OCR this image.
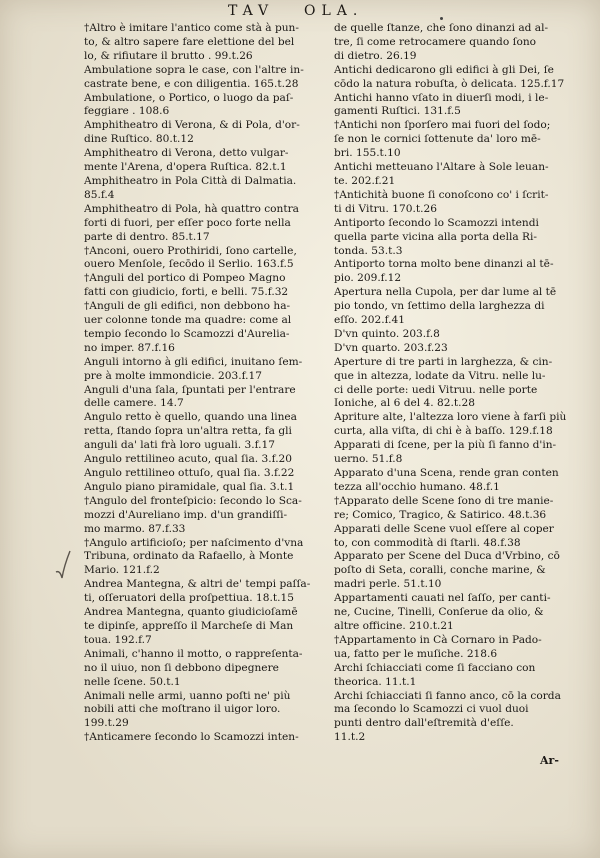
TAV OLA.
†Altro è imitare l'antico come stà à pun-
to, & altro sapere fare elettione del bel
lo, & rifiutare il brutto . 99.t.26
Ambulatione sopra le case, con l'altre in-
castrate bene, e con diligentia. 165.t.28
Ambulatione, o Portico, o luogo da paſ-
feggiare . 108.6
Amphitheatro di Verona, & di Pola, d'or-
dine Ruſtico. 80.t.12
Amphitheatro di Verona, detto vulgar-
mente l'Arena, d'opera Ruſtica. 82.t.1
Amphitheatro in Pola Città di Dalmatia.
85.f.4
Amphitheatro di Pola, hà quattro contra
forti di fuori, per eſſer poco forte nella
parte di dentro. 85.t.17
†Anconi, ouero Prothiridi, ſono cartelle,
ouero Menſole, ſecōdo il Serlio. 163.f.5
†Anguli del portico di Pompeo Magno
fatti con giudicio, forti, e belli. 75.f.32
†Anguli de gli edifici, non debbono ha-
uer colonne tonde ma quadre: come al
tempio ſecondo lo Scamozzi d'Aurelia-
no imper. 87.f.16
Anguli intorno à gli edifici, inuitano ſem-
pre à molte immondicie. 203.f.17
Anguli d'una ſala, ſpuntati per l'entrare
delle camere. 14.7
Angulo retto è quello, quando una linea
retta, ſtando ſopra un'altra retta, fa gli
anguli da' lati frà loro uguali. 3.f.17
Angulo rettilineo acuto, qual ſia. 3.f.20
Angulo rettilineo ottuſo, qual ſia. 3.f.22
Angulo piano piramidale, qual ſia. 3.t.1
†Angulo del fronteſpicio: ſecondo lo Sca-
mozzi d'Aureliano imp. d'un grandiſſi-
mo marmo. 87.f.33
†Angulo artificioſo; per naſcimento d'vna
Tribuna, ordinato da Rafaello, à Monte
Mario. 121.f.2
Andrea Mantegna, & altri de' tempi paſſa-
ti, oſſeruatori della proſpettiua. 18.t.15
Andrea Mantegna, quanto giudicioſamē
te dipinſe, appreſſo il Marcheſe di Man
toua. 192.f.7
Animali, c'hanno il motto, o rappreſenta-
no il uiuo, non ſi debbono dipegnere
nelle ſcene. 50.t.1
Animali nelle armi, uanno poſti ne' più
nobili atti che moſtrano il uigor loro.
199.t.29
†Anticamere ſecondo lo Scamozzi inten-
de quelle ſtanze, che ſono dinanzi ad al-
tre, ſi come retrocamere quando ſono
di dietro. 26.19
Antichi dedicarono gli edifici à gli Dei, ſe
cōdo la natura robuſta, ò delicata. 125.f.17
Antichi hanno vſato in diuerſi modi, i le-
gamenti Ruſtici. 131.f.5
†Antichi non ſporſero mai fuori del ſodo;
ſe non le cornici ſottenute da' loro mē-
bri. 155.t.10
Antichi metteuano l'Altare à Sole leuan-
te. 202.f.21
†Antichità buone ſi conoſcono co' i ſcrit-
ti di Vitru. 170.t.26
Antiporto ſecondo lo Scamozzi intendi
quella parte vicina alla porta della Ri-
tonda. 53.t.3
Antiporto torna molto bene dinanzi al tē-
pio. 209.f.12
Apertura nella Cupola, per dar lume al tē
pio tondo, vn ſettimo della larghezza di
eſſo. 202.f.41
D'vn quinto. 203.f.8
D'vn quarto. 203.f.23
Aperture di tre parti in larghezza, & cin-
que in altezza, lodate da Vitru. nelle lu-
ci delle porte: uedi Vitruu. nelle porte
Ioniche, al 6 del 4. 82.t.28
Apriture alte, l'altezza loro viene à farſi più
curta, alla viſta, di chi è à baſſo. 129.f.18
Apparati di ſcene, per la più ſi fanno d'in-
uerno. 51.f.8
Apparato d'una Scena, rende gran conten
tezza all'occhio humano. 48.f.1
†Apparato delle Scene ſono di tre manie-
re; Comico, Tragico, & Satirico. 48.t.36
Apparati delle Scene vuol eſſere al coper
to, con commodità di ſtarli. 48.f.38
Apparato per Scene del Duca d'Vrbino, cō
poſto di Seta, coralli, conche marine, &
madri perle. 51.t.10
Appartamenti cauati nel ſaſſo, per canti-
ne, Cucine, Tinelli, Conſerue da olio, &
altre officine. 210.t.21
†Appartamento in Cà Cornaro in Pado-
ua, fatto per le muſiche. 218.6
Archi ſchiacciati come ſi facciano con
theorica. 11.t.1
Archi ſchiacciati ſi fanno anco, cō la corda
ma ſecondo lo Scamozzi ci vuol duoi
punti dentro dall'eſtremità d'eſſe.
11.t.2
Ar-
